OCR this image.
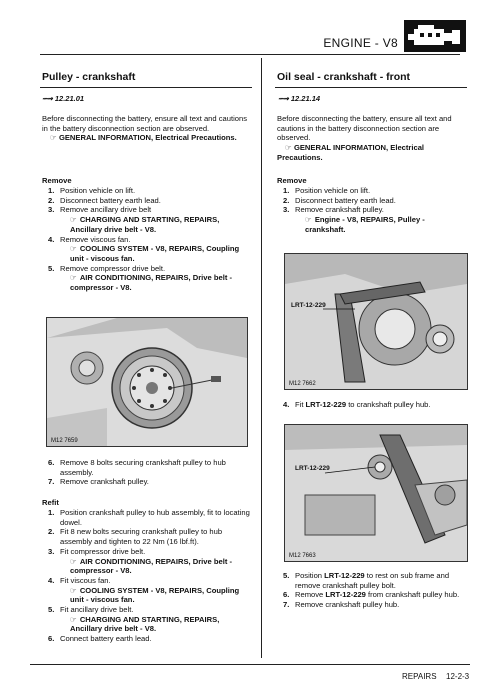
ENGINE - V8
Pulley - crankshaft
⟿ 12.21.01
Before disconnecting the battery, ensure all text and cautions in the battery disconnection section are observed.
☞ GENERAL INFORMATION, Electrical Precautions.
Remove
1. Position vehicle on lift.
2. Disconnect battery earth lead.
3. Remove ancillary drive belt
☞ CHARGING AND STARTING, REPAIRS, Ancillary drive belt - V8.
4. Remove viscous fan.
☞ COOLING SYSTEM - V8, REPAIRS, Coupling unit - viscous fan.
5. Remove compressor drive belt.
☞ AIR CONDITIONING, REPAIRS, Drive belt - compressor - V8.
M12 7659
6. Remove 8 bolts securing crankshaft pulley to hub assembly.
7. Remove crankshaft pulley.
Refit
1. Position crankshaft pulley to hub assembly, fit to locating dowel.
2. Fit 8 new bolts securing crankshaft pulley to hub assembly and tighten to 22 Nm (16 lbf.ft).
3. Fit compressor drive belt.
☞ AIR CONDITIONING, REPAIRS, Drive belt - compressor - V8.
4. Fit viscous fan.
☞ COOLING SYSTEM - V8, REPAIRS, Coupling unit - viscous fan.
5. Fit ancillary drive belt.
☞ CHARGING AND STARTING, REPAIRS, Ancillary drive belt - V8.
6. Connect battery earth lead.
Oil seal - crankshaft - front
⟿ 12.21.14
Before disconnecting the battery, ensure all text and cautions in the battery disconnection section are observed.
☞ GENERAL INFORMATION, Electrical Precautions.
Remove
1. Position vehicle on lift.
2. Disconnect battery earth lead.
3. Remove crankshaft pulley.
☞ Engine - V8, REPAIRS, Pulley - crankshaft.
LRT-12-229
M12 7662
4. Fit LRT-12-229 to crankshaft pulley hub.
LRT-12-229
M12 7663
5. Position LRT-12-229 to rest on sub frame and remove crankshaft pulley bolt.
6. Remove LRT-12-229 from crankshaft pulley hub.
7. Remove crankshaft pulley hub.
REPAIRS 12-2-3
